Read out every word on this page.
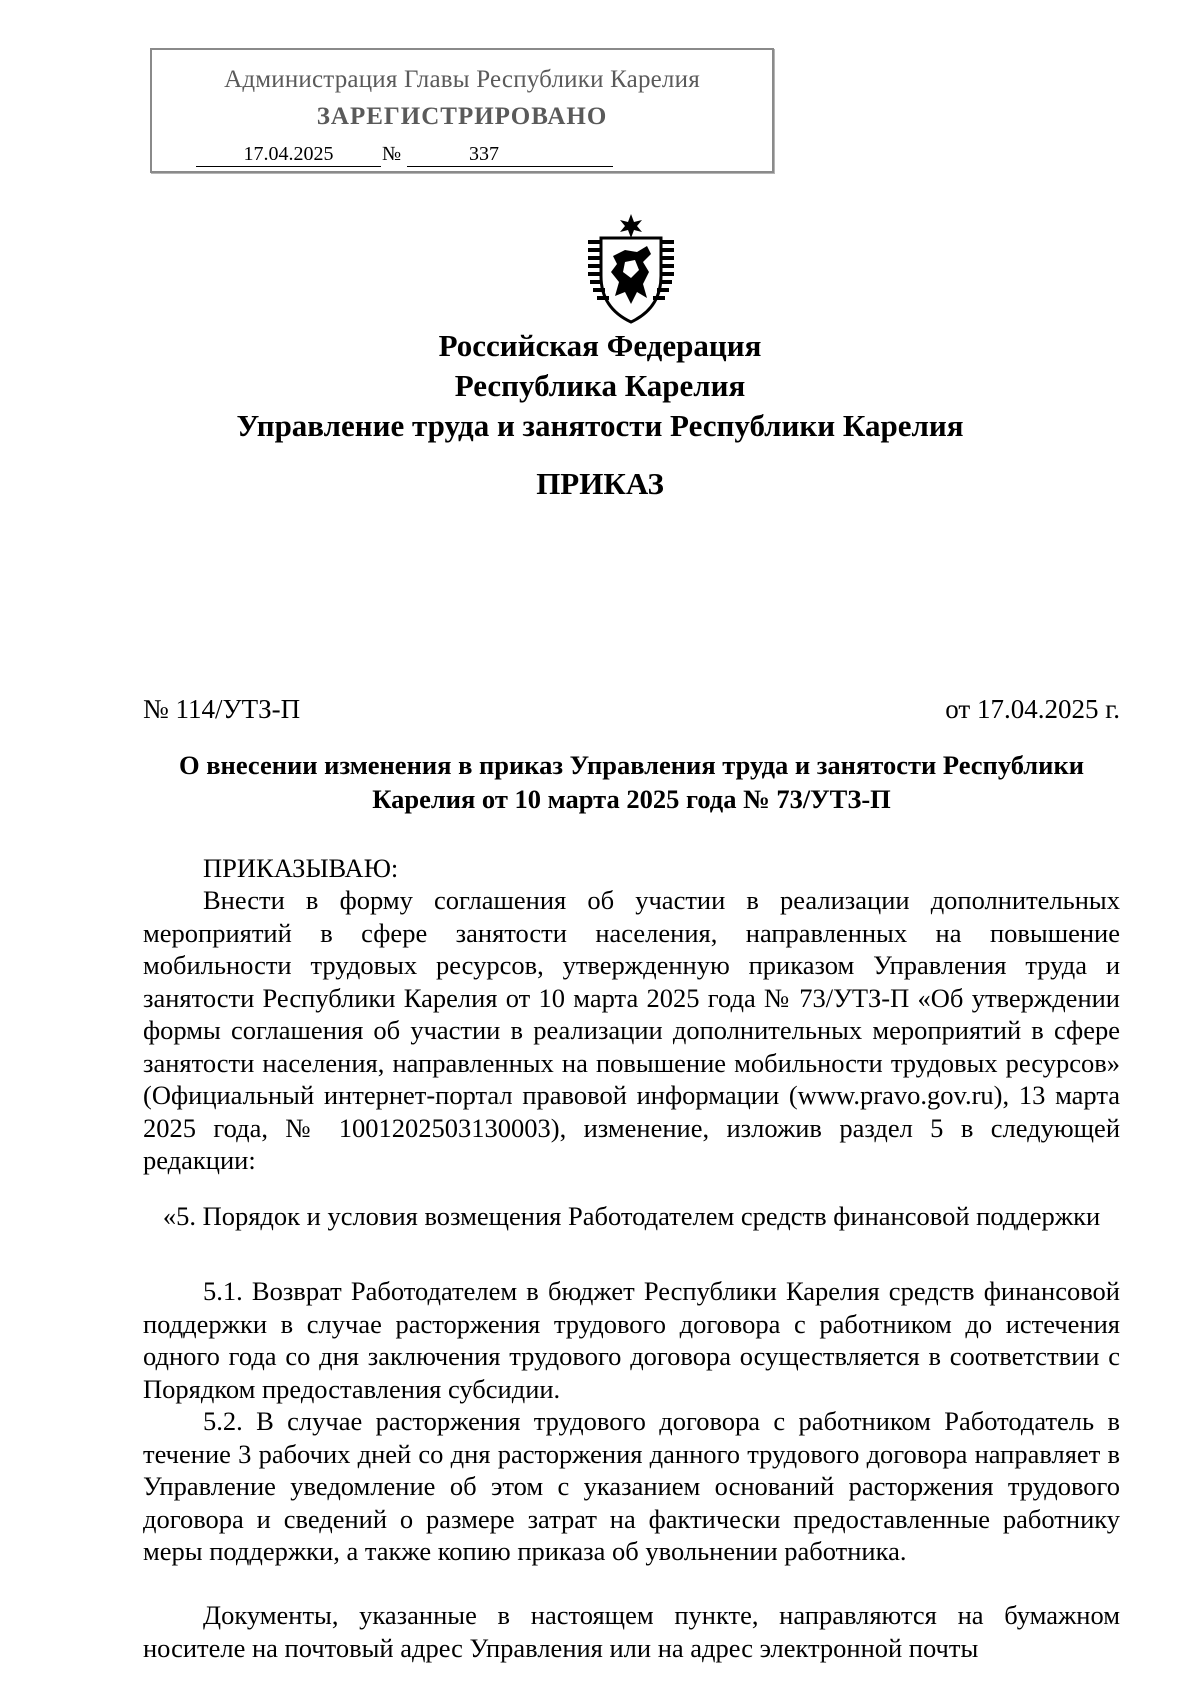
Администрация Главы Республики Карелия
ЗАРЕГИСТРИРОВАНО
17.04.2025	№	337
Российская Федерация
Республика Карелия
Управление труда и занятости Республики Карелия
ПРИКАЗ
№ 114/УТЗ-П	от 17.04.2025 г.
О внесении изменения в приказ Управления труда и занятости Республики Карелия от 10 марта 2025 года № 73/УТЗ-П
ПРИКАЗЫВАЮ:
Внести в форму соглашения об участии в реализации дополнительных мероприятий в сфере занятости населения, направленных на повышение мобильности трудовых ресурсов, утвержденную приказом Управления труда и занятости Республики Карелия от 10 марта 2025 года № 73/УТЗ-П «Об утверждении формы соглашения об участии в реализации дополнительных мероприятий в сфере занятости населения, направленных на повышение мобильности трудовых ресурсов» (Официальный интернет-портал правовой информации (www.pravo.gov.ru), 13 марта 2025 года, № 1001202503130003), изменение, изложив раздел 5 в следующей редакции:
«5. Порядок и условия возмещения Работодателем средств финансовой поддержки
5.1. Возврат Работодателем в бюджет Республики Карелия средств финансовой поддержки в случае расторжения трудового договора с работником до истечения одного года со дня заключения трудового договора осуществляется в соответствии с Порядком предоставления субсидии.
5.2. В случае расторжения трудового договора с работником Работодатель в течение 3 рабочих дней со дня расторжения данного трудового договора направляет в Управление уведомление об этом с указанием оснований расторжения трудового договора и сведений о размере затрат на фактически предоставленные работнику меры поддержки, а также копию приказа об увольнении работника.
Документы, указанные в настоящем пункте, направляются на бумажном носителе на почтовый адрес Управления или на адрес электронной почты
